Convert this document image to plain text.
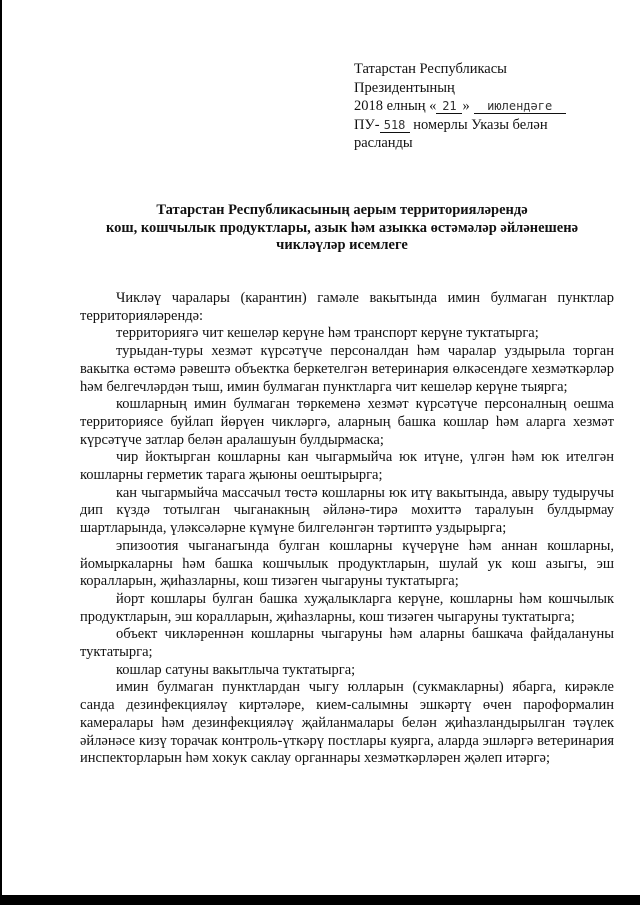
Татарстан Республикасы
Президентының
2018 елның « 21 » июлендәге
ПУ- 518 номерлы Указы белән
расланды
Татарстан Республикасының аерым территорияләрендә
кош, кошчылык продуктлары, азык һәм азыкка өстәмәләр әйләнешенә
чикләүләр исемлеге

Чикләү чаралары (карантин) гамәле вакытында имин булмаган пунктлар территорияләрендә:

территориягә чит кешеләр керүне һәм транспорт керүне туктатырга;

турыдан-туры хезмәт күрсәтүче персоналдан һәм чаралар уздырыла торган вакытка өстәмә рәвештә объектка беркетелгән ветеринария өлкәсендәге хезмәткәрләр һәм белгечләрдән тыш, имин булмаган пунктларга чит кешеләр керүне тыярга;

кошларның имин булмаган төркеменә хезмәт күрсәтүче персоналның оешма территориясе буйлап йөрүен чикләргә, аларның башка кошлар һәм аларга хезмәт күрсәтүче затлар белән аралашуын булдырмаска;

чир йоктырган кошларны кан чыгармыйча юк итүне, үлгән һәм юк ителгән кошларны герметик тарага җыюны оештырырга;

кан чыгармыйча массачыл төстә кошларны юк итү вакытында, авыру тудыручы дип күздә тотылган чыганакның әйләнә-тирә мохиттә таралуын булдырмау шартларында, үләксәләрне күмүне билгеләнгән тәртиптә уздырырга;

эпизоотия чыганагында булган кошларны күчерүне һәм аннан кошларны, йомыркаларны һәм башка кошчылык продуктларын, шулай ук кош азыгы, эш коралларын, җиһазларны, кош тизәген чыгаруны туктатырга;

йорт кошлары булган башка хуҗалыкларга керүне, кошларны һәм кошчылык продуктларын, эш коралларын, җиһазларны, кош тизәген чыгаруны туктатырга;

объект чикләреннән кошларны чыгаруны һәм аларны башкача файдалануны туктатырга;

кошлар сатуны вакытлыча туктатырга;

имин булмаган пунктлардан чыгу юлларын (сукмакларны) ябарга, кирәкле санда дезинфекцияләү киртәләре, кием-салымны эшкәртү өчен пароформалин камералары һәм дезинфекцияләү җайланмалары белән җиһазландырылган тәүлек әйләнәсе кизү торачак контроль-үткәрү постлары куярга, аларда эшләргә ветеринария инспекторларын һәм хокук саклау органнары хезмәткәрләрен җәлеп итәргә;
